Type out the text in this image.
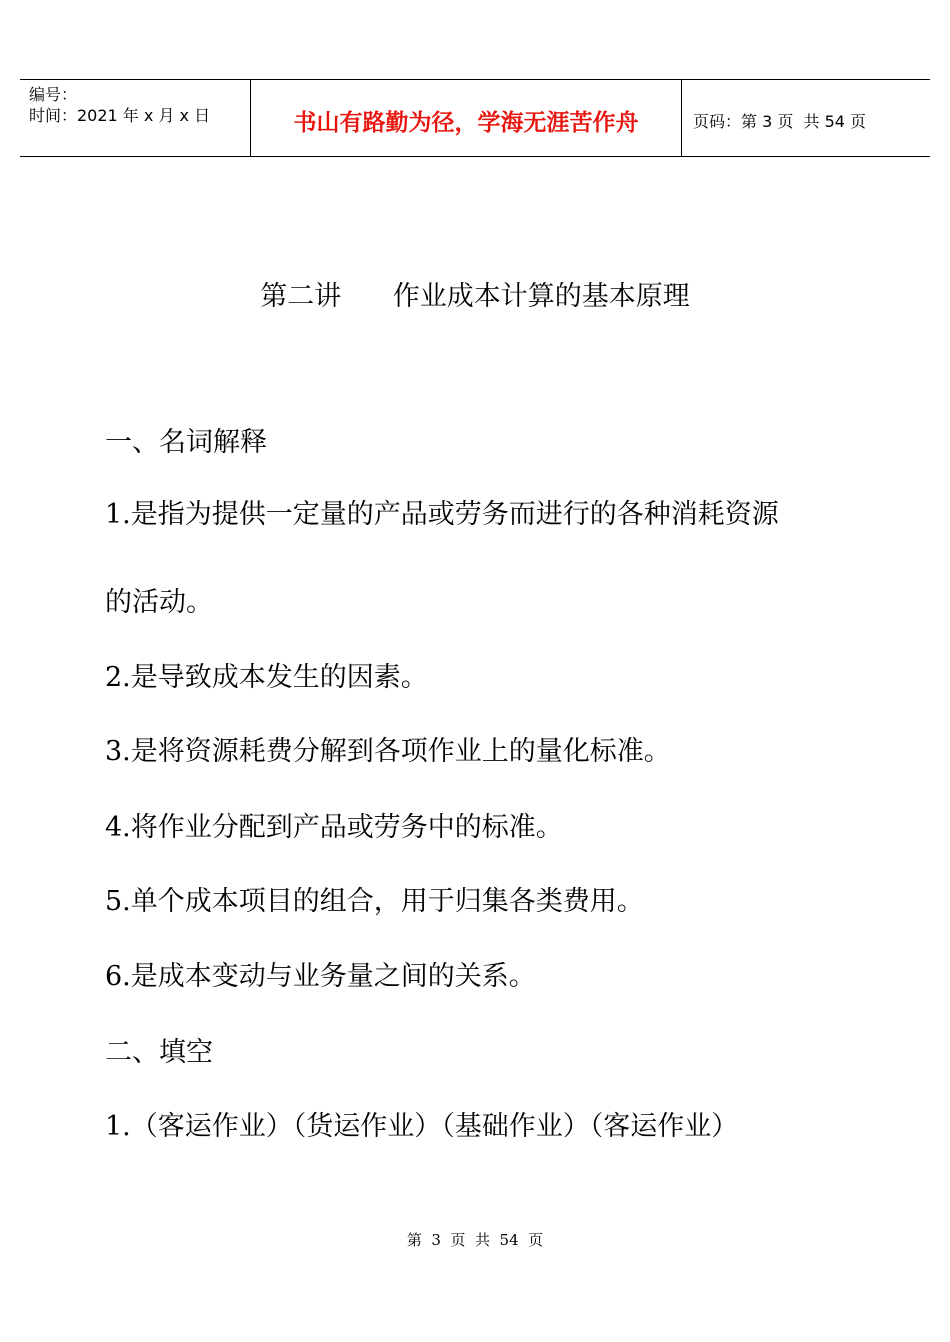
编号：
时间：2021 年 x 月 x 日	书山有路勤为径，学海无涯苦作舟	页码：第 3 页  共 54 页
第二讲      作业成本计算的基本原理
一、名词解释
1.是指为提供一定量的产品或劳务而进行的各种消耗资源
的活动。
2.是导致成本发生的因素。
3.是将资源耗费分解到各项作业上的量化标准。
4.将作业分配到产品或劳务中的标准。
5.单个成本项目的组合，用于归集各类费用。
6.是成本变动与业务量之间的关系。
二、填空
1.（客运作业）（货运作业）（基础作业）（客运作业）
第  3  页  共  54  页
